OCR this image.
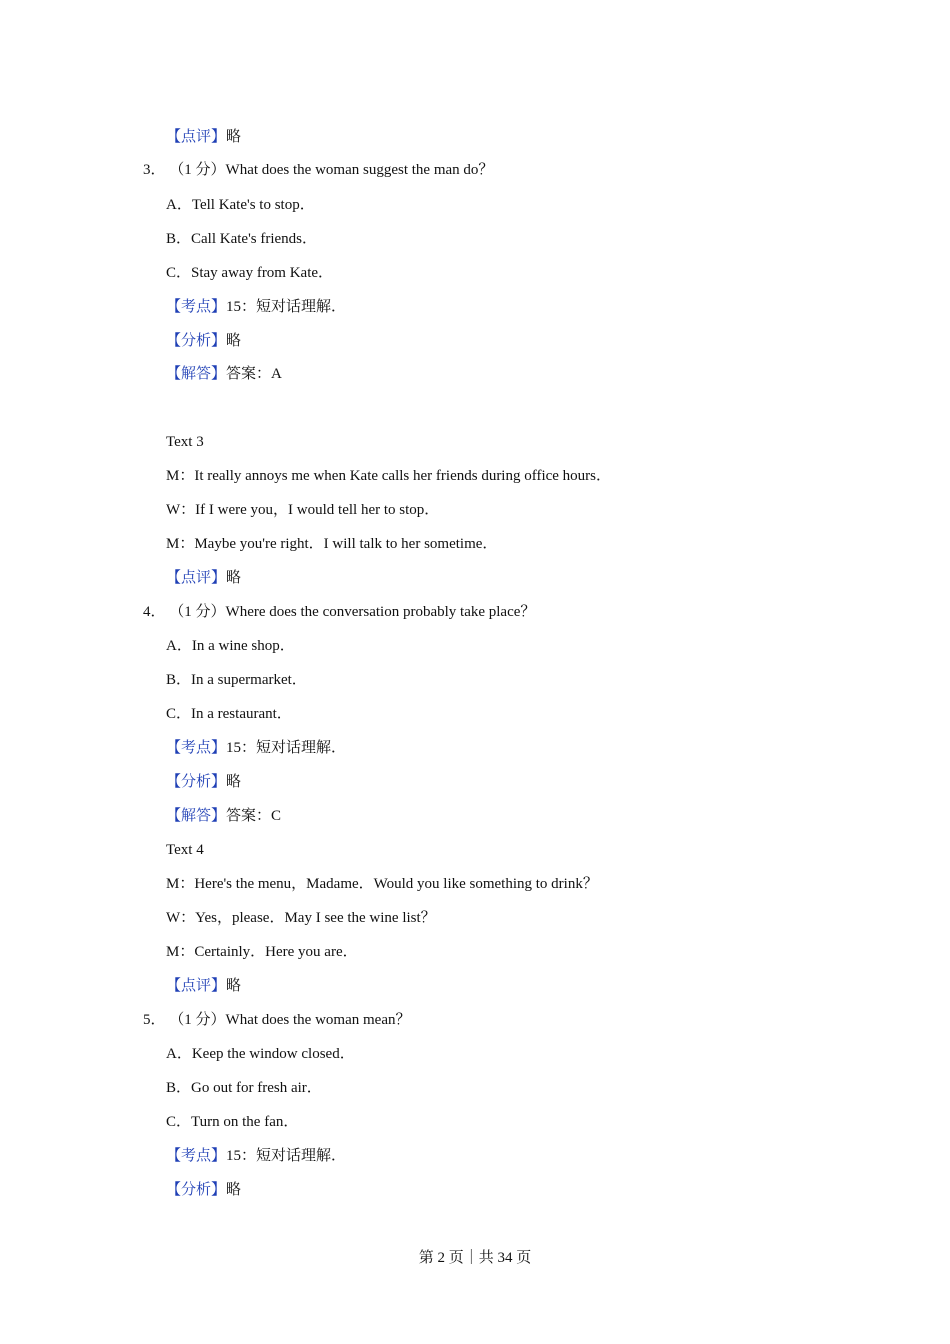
【点评】略
3． （1 分）What does the woman suggest the man do？
A．Tell Kate's to stop．
B．Call Kate's friends．
C．Stay away from Kate．
【考点】15：短对话理解．
【分析】略
【解答】答案：A
Text 3
M：It really annoys me when Kate calls her friends during office hours．
W：If I were you，I would tell her to stop．
M：Maybe you're right．I will talk to her sometime．
【点评】略
4． （1 分）Where does the conversation probably take place？
A．In a wine shop．
B．In a supermarket．
C．In a restaurant．
【考点】15：短对话理解．
【分析】略
【解答】答案：C
Text 4
M：Here's the menu，Madame．Would you like something to drink？
W：Yes，please．May I see the wine list？
M：Certainly．Here you are．
【点评】略
5． （1 分）What does the woman mean？
A．Keep the window closed．
B．Go out for fresh air．
C．Turn on the fan．
【考点】15：短对话理解．
【分析】略
第 2 页｜共 34 页
